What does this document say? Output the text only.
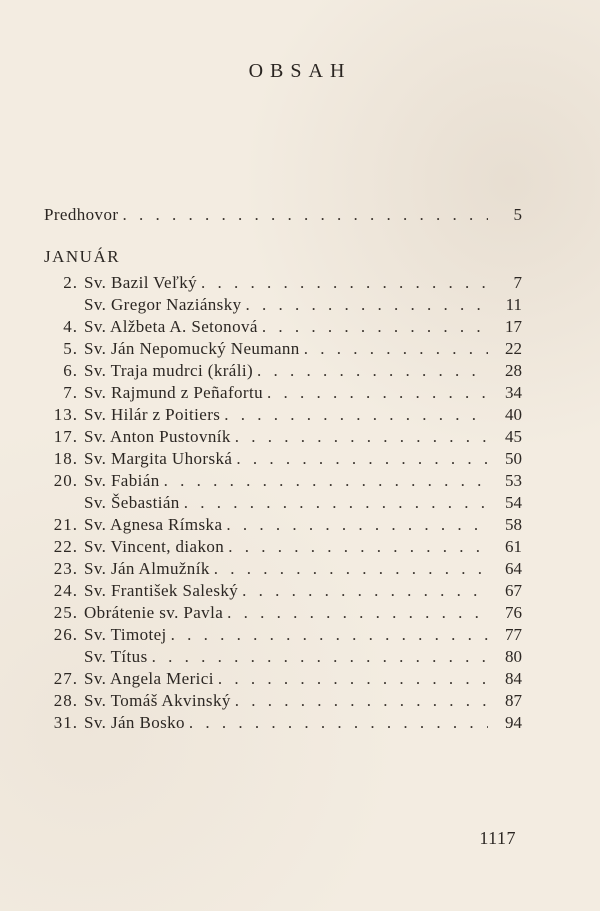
OBSAH
Predhovor . . .	5
JANUÁR
2. Sv. Bazil Veľký . . .	7
Sv. Gregor Naziánsky . . .	11
4. Sv. Alžbeta A. Setonová . . .	17
5. Sv. Ján Nepomucký Neumann . . .	22
6. Sv. Traja mudrci (králi) . . .	28
7. Sv. Rajmund z Peñafortu . . .	34
13. Sv. Hilár z Poitiers . . .	40
17. Sv. Anton Pustovník . . .	45
18. Sv. Margita Uhorská . . .	50
20. Sv. Fabián . . .	53
Sv. Šebastián . . .	54
21. Sv. Agnesa Rímska . . .	58
22. Sv. Vincent, diakon . . .	61
23. Sv. Ján Almužník . . .	64
24. Sv. František Saleský . . .	67
25. Obrátenie sv. Pavla . . .	76
26. Sv. Timotej . . .	77
Sv. Títus . . .	80
27. Sv. Angela Merici . . .	84
28. Sv. Tomáš Akvinský . . .	87
31. Sv. Ján Bosko . . .	94
1117
